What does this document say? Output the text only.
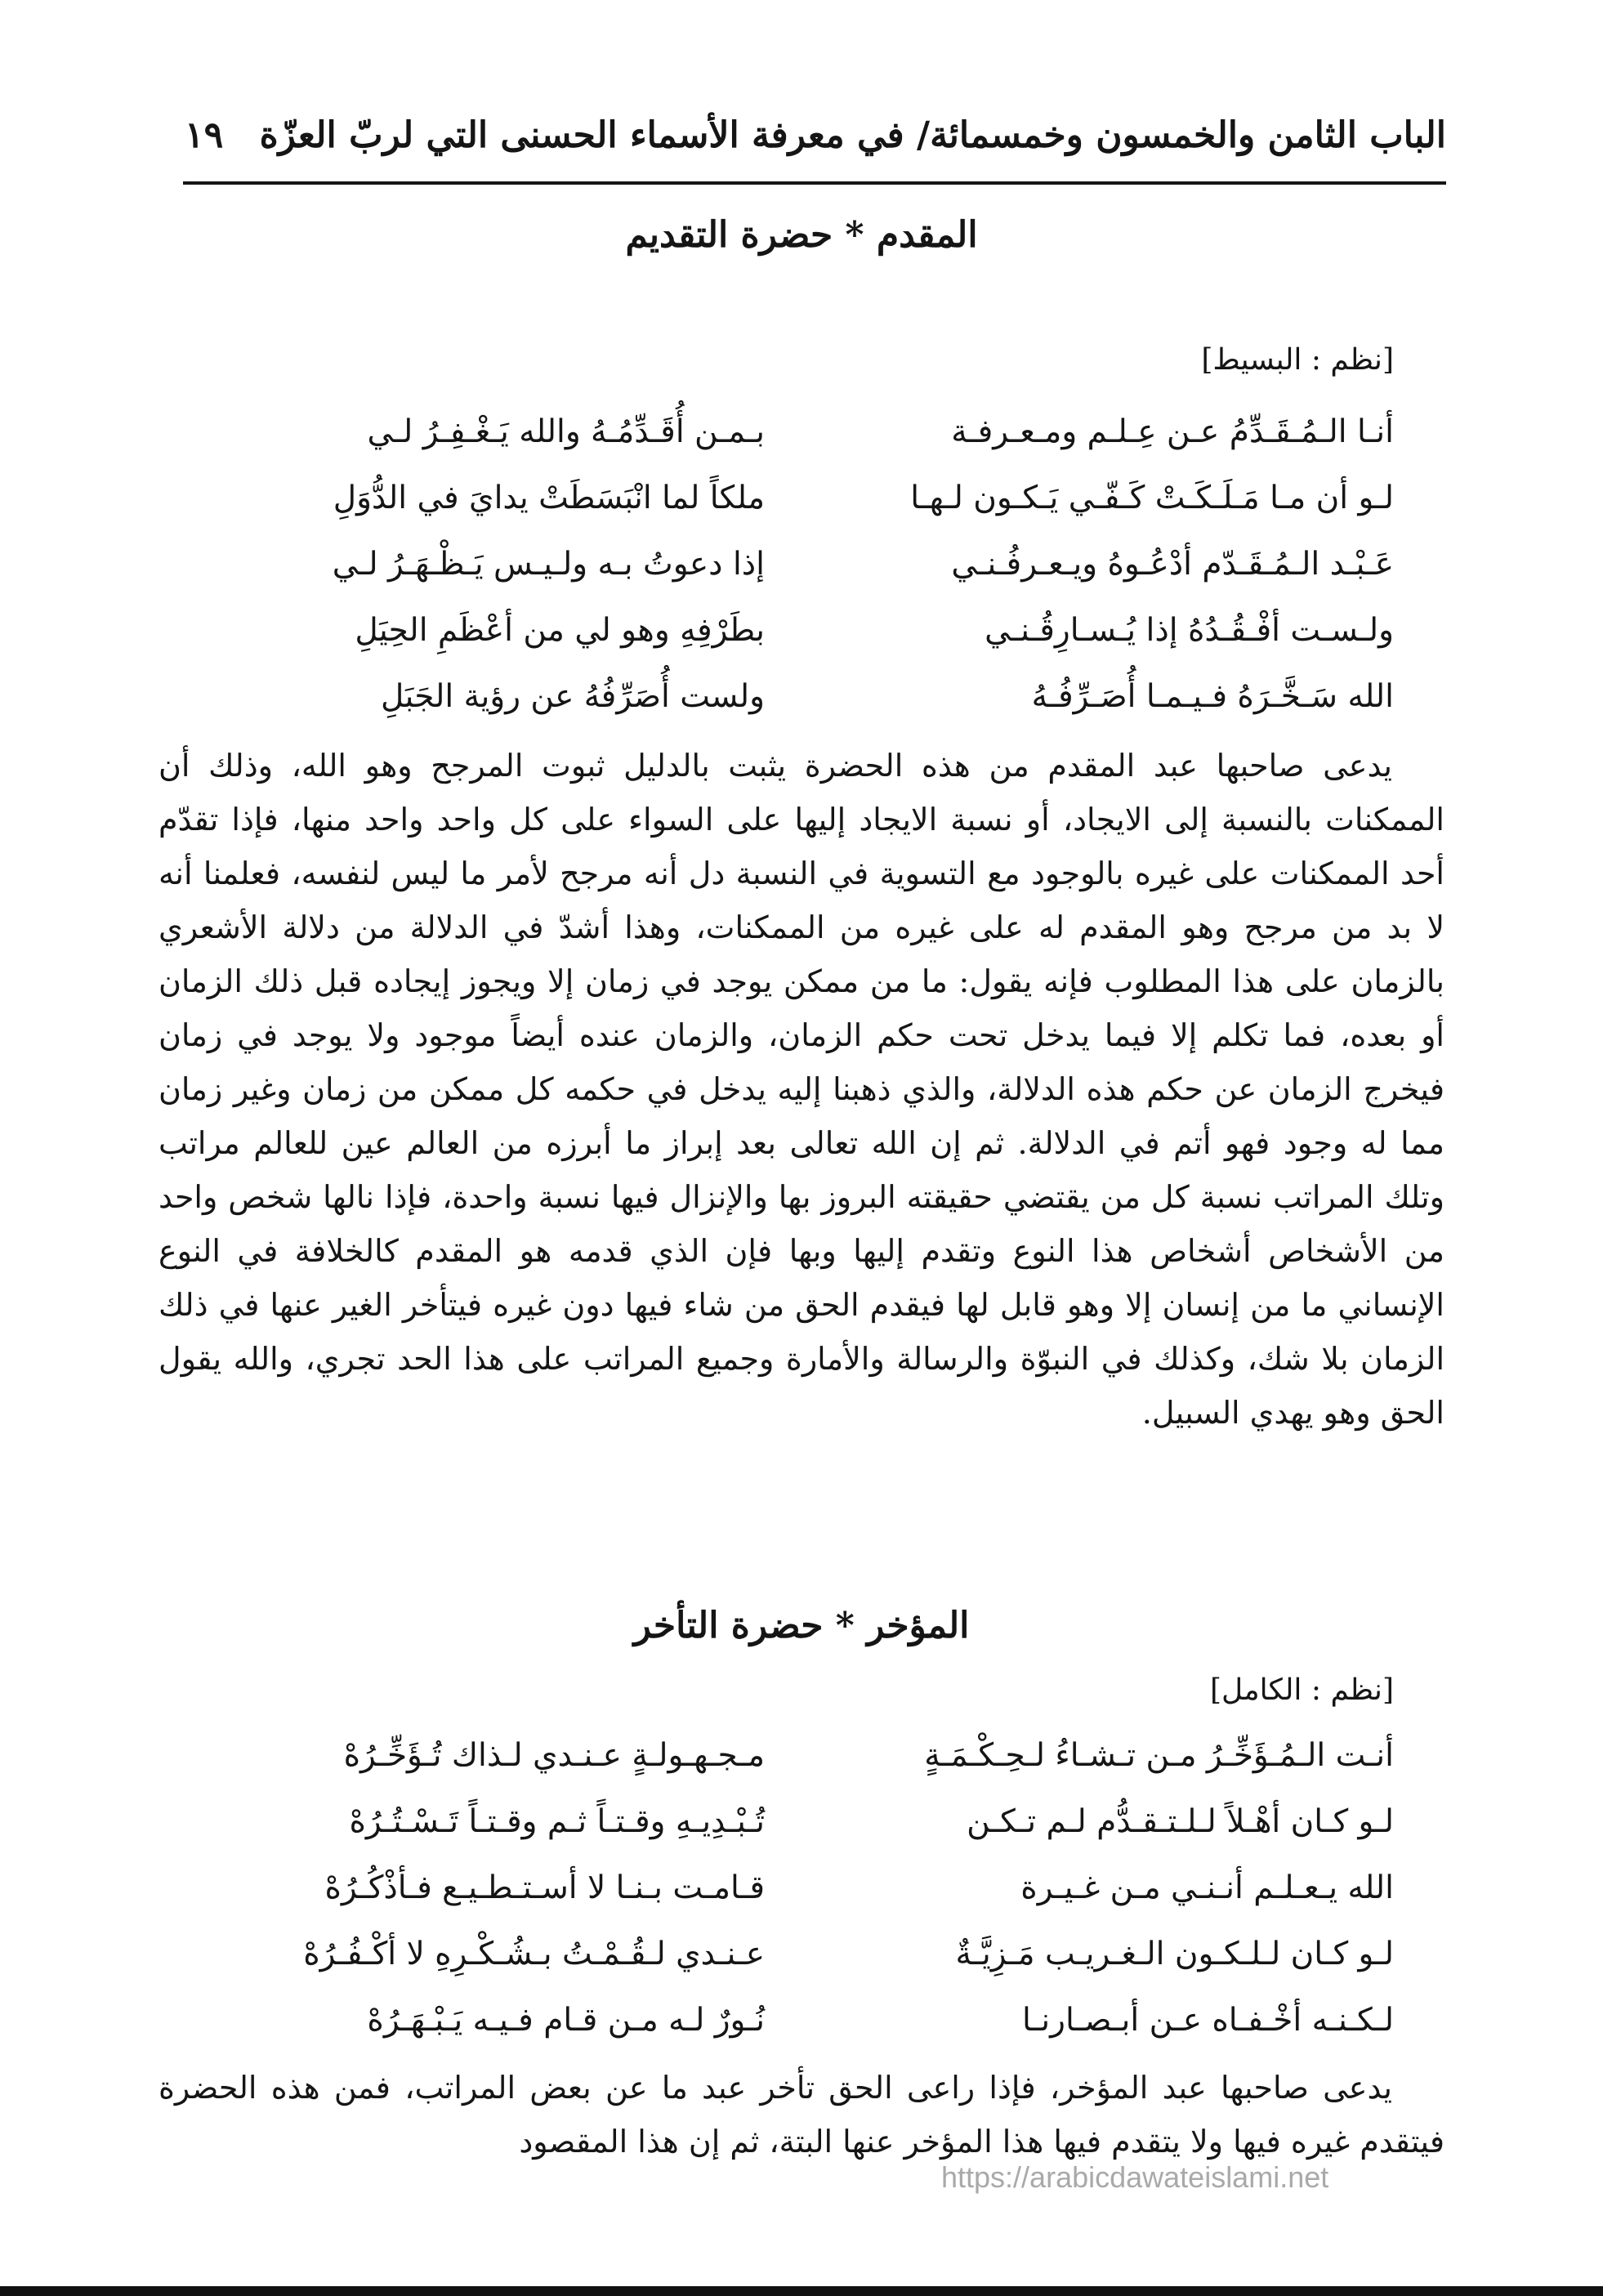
الباب الثامن والخمسون وخمسمائة/ في معرفة الأسماء الحسنى التي لربّ العزّة
١٩
المقدم * حضرة التقديم
[نظم : البسيط]
أنـا الـمُـقَـدِّمُ عـن عِـلـم ومـعـرفـة
بـمـن أُقَـدِّمُـهُ والله يَـغْـفِـرُ لـي
لـو أن مـا مَـلَـكَـتْ كَـفّـي يَـكـون لـهـا
ملكاً لما انْبَسَطَتْ يدايَ في الدُّوَلِ
عَـبْـد الـمُـقَـدّم أدْعُـوهُ ويـعـرفُـنـي
إذا دعوتُ بـه ولـيـس يَـظْـهَـرُ لـي
ولـسـت أفْـقُـدُهُ إذا يُـسـارِقُـنـي
بطَرْفِهِ وهو لي من أعْظَمِ الحِيَلِ
الله سَـخَّـرَهُ فـيـمـا أُصَـرِّفُـهُ
ولست أُصَرِّفُهُ عن رؤية الجَبَلِ

يدعى صاحبها عبد المقدم من هذه الحضرة يثبت بالدليل ثبوت المرجح وهو الله، وذلك أن الممكنات بالنسبة إلى الايجاد، أو نسبة الايجاد إليها على السواء على كل واحد واحد منها، فإذا تقدّم أحد الممكنات على غيره بالوجود مع التسوية في النسبة دل أنه مرجح لأمر ما ليس لنفسه، فعلمنا أنه لا بد من مرجح وهو المقدم له على غيره من الممكنات، وهذا أشدّ في الدلالة من دلالة الأشعري بالزمان على هذا المطلوب فإنه يقول: ما من ممكن يوجد في زمان إلا ويجوز إيجاده قبل ذلك الزمان أو بعده، فما تكلم إلا فيما يدخل تحت حكم الزمان، والزمان عنده أيضاً موجود ولا يوجد في زمان فيخرج الزمان عن حكم هذه الدلالة، والذي ذهبنا إليه يدخل في حكمه كل ممكن من زمان وغير زمان مما له وجود فهو أتم في الدلالة. ثم إن الله تعالى بعد إبراز ما أبرزه من العالم عين للعالم مراتب وتلك المراتب نسبة كل من يقتضي حقيقته البروز بها والإنزال فيها نسبة واحدة، فإذا نالها شخص واحد من الأشخاص أشخاص هذا النوع وتقدم إليها وبها فإن الذي قدمه هو المقدم كالخلافة في النوع الإنساني ما من إنسان إلا وهو قابل لها فيقدم الحق من شاء فيها دون غيره فيتأخر الغير عنها في ذلك الزمان بلا شك، وكذلك في النبوّة والرسالة والأمارة وجميع المراتب على هذا الحد تجري، والله يقول الحق وهو يهدي السبيل.

المؤخر * حضرة التأخر
[نظم : الكامل]
أنـت الـمُـؤَخِّـرُ مـن تـشـاءُ لـحِـكْـمَـةٍ
مـجـهـولـةٍ عـنـدي لـذاك تُـؤَخِّـرُهْ
لـو كـان أهْـلاً لـلـتـقـدُّم لـم تـكـن
تُـبْـدِيـهِ وقـتـاً ثـم وقـتـاً تَـسْـتُـرُهْ
الله يـعـلـم أنـنـي مـن غـيـرة
قـامـت بـنـا لا أسـتـطـيـع فـأذْكُـرُهْ
لـو كـان لـلـكـون الـغـريـب مَـزِيَّـةٌ
عـنـدي لـقُـمْـتُ بـشُـكْـرِهِ لا أكْـفُـرُهْ
لـكـنـه أخْـفـاه عـن أبـصـارنـا
نُـورٌ لـه مـن قـام فـيـه يَـبْـهَـرُهْ

يدعى صاحبها عبد المؤخر، فإذا راعى الحق تأخر عبد ما عن بعض المراتب، فمن هذه الحضرة فيتقدم غيره فيها ولا يتقدم فيها هذا المؤخر عنها البتة، ثم إن هذا المقصود

https://arabicdawateislami.net
